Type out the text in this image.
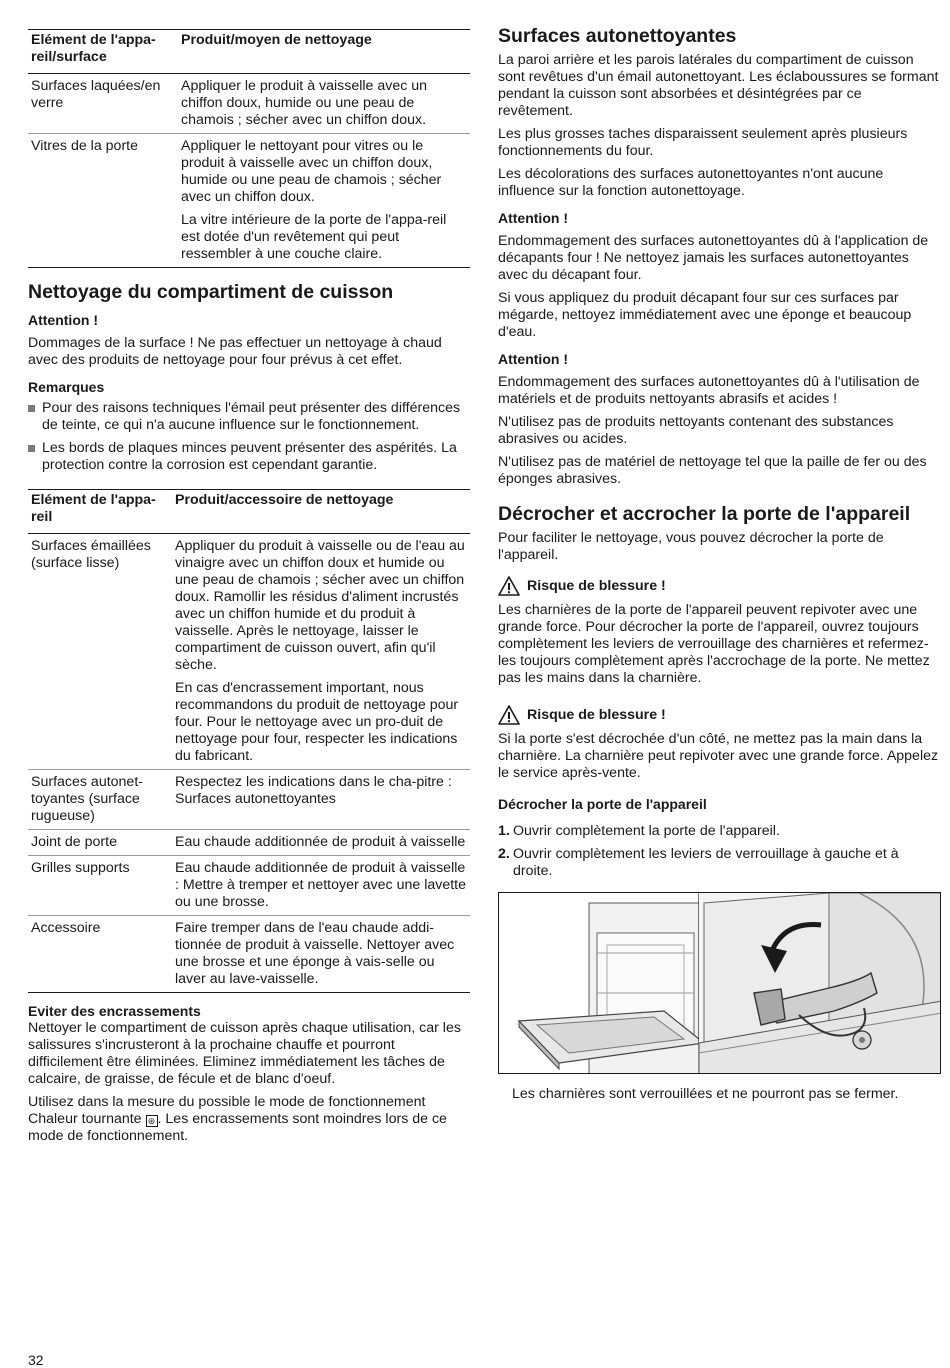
Elément de l'appa-reil/surface	Produit/moyen de nettoyage
Surfaces laquées/en verre	Appliquer le produit à vaisselle avec un chiffon doux, humide ou une peau de chamois ; sécher avec un chiffon doux.

Vitres de la porte	Appliquer le nettoyant pour vitres ou le produit à vaisselle avec un chiffon doux, humide ou une peau de chamois ; sécher avec un chiffon doux.

La vitre intérieure de la porte de l'appa-reil est dotée d'un revêtement qui peut ressembler à une couche claire.

Nettoyage du compartiment de cuisson
Attention !

Dommages de la surface ! Ne pas effectuer un nettoyage à chaud avec des produits de nettoyage pour four prévus à cet effet.

Remarques
Pour des raisons techniques l'émail peut présenter des différences de teinte, ce qui n'a aucune influence sur le fonctionnement.
Les bords de plaques minces peuvent présenter des aspérités. La protection contre la corrosion est cependant garantie.
Elément de l'appa-reil	Produit/accessoire de nettoyage
Surfaces émaillées (surface lisse)	Appliquer du produit à vaisselle ou de l'eau au vinaigre avec un chiffon doux et humide ou une peau de chamois ; sécher avec un chiffon doux. Ramollir les résidus d'aliment incrustés avec un chiffon humide et du produit à vaisselle. Après le nettoyage, laisser le compartiment de cuisson ouvert, afin qu'il sèche.

En cas d'encrassement important, nous recommandons du produit de nettoyage pour four. Pour le nettoyage avec un pro-duit de nettoyage pour four, respecter les indications du fabricant.

Surfaces autonet-toyantes (surface rugueuse)	Respectez les indications dans le cha-pitre : Surfaces autonettoyantes

Joint de porte	Eau chaude additionnée de produit à vaisselle

Grilles supports	Eau chaude additionnée de produit à vaisselle : Mettre à tremper et nettoyer avec une lavette ou une brosse.

Accessoire	Faire tremper dans de l'eau chaude addi-tionnée de produit à vaisselle. Nettoyer avec une brosse et une éponge à vais-selle ou laver au lave-vaisselle.

Eviter des encrassements

Nettoyer le compartiment de cuisson après chaque utilisation, car les salissures s'incrusteront à la prochaine chauffe et pourront difficilement être éliminées. Eliminez immédiatement les tâches de calcaire, de graisse, de fécule et de blanc d'oeuf.

Utilisez dans la mesure du possible le mode de fonctionnement Chaleur tournante ⊛ . Les encrassements sont moindres lors de ce mode de fonctionnement.

Surfaces autonettoyantes

La paroi arrière et les parois latérales du compartiment de cuisson sont revêtues d'un émail autonettoyant. Les éclaboussures se formant pendant la cuisson sont absorbées et désintégrées par ce revêtement.

Les plus grosses taches disparaissent seulement après plusieurs fonctionnements du four.

Les décolorations des surfaces autonettoyantes n'ont aucune influence sur la fonction autonettoyage.

Attention !

Endommagement des surfaces autonettoyantes dû à l'application de décapants four ! Ne nettoyez jamais les surfaces autonettoyantes avec du décapant four.

Si vous appliquez du produit décapant four sur ces surfaces par mégarde, nettoyez immédiatement avec une éponge et beaucoup d'eau.

Attention !

Endommagement des surfaces autonettoyantes dû à l'utilisation de matériels et de produits nettoyants abrasifs et acides !

N'utilisez pas de produits nettoyants contenant des substances abrasives ou acides.

N'utilisez pas de matériel de nettoyage tel que la paille de fer ou des éponges abrasives.

Décrocher et accrocher la porte de l'appareil

Pour faciliter le nettoyage, vous pouvez décrocher la porte de l'appareil.

Risque de blessure !

Les charnières de la porte de l'appareil peuvent repivoter avec une grande force. Pour décrocher la porte de l'appareil, ouvrez toujours complètement les leviers de verrouillage des charnières et refermez-les toujours complètement après l'accrochage de la porte. Ne mettez pas les mains dans la charnière.

Risque de blessure !

Si la porte s'est décrochée d'un côté, ne mettez pas la main dans la charnière. La charnière peut repivoter avec une grande force. Appelez le service après-vente.

Décrocher la porte de l'appareil
1. Ouvrir complètement la porte de l'appareil.
2. Ouvrir complètement les leviers de verrouillage à gauche et à droite.

Les charnières sont verrouillées et ne pourront pas se fermer.

32
